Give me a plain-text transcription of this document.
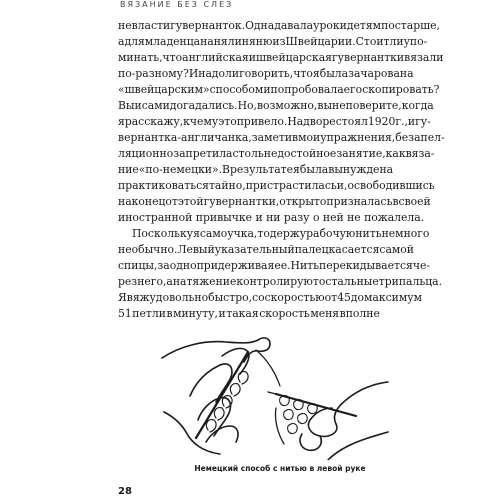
ВЯЗАНИЕ БЕЗ СЛЕЗ
не власти гувернанток. Одна давала уроки детям постарше,
а для младенца наняли няню из Швейцарии. Стоит ли упо-
минать, что английская и швейцарская гувернантки вязали
по-разному? И надо ли говорить, что я была зачарована
«швейцарским» способом и попробовала его скопировать?
Вы и сами догадались. Но, возможно, вы не поверите, когда
я расскажу, к чему это привело. На дворе стоял 1920 г., и гу-
вернантка-англичанка, заметив мои упражнения, безапел-
ляционно запретила столь недостойное занятие, как вяза-
ние «по-немецки». В результате я была вынуждена
практиковаться тайно, пристрастилась и, освободившись
наконец от этой гувернантки, открыто призналась в своей
иностранной привычке и ни разу о ней не пожалела.
Поскольку я самоучка, то держу рабочую нить немного
необычно. Левый указательный палец касается самой
спицы, заодно придерживая ее. Нить перекидывается че-
рез него, а натяжение контролируют остальные три пальца.
Я вяжу довольно быстро, со скоростью от 45 до максимум
51 петли в минуту, и такая скорость меня вполне
Немецкий способ с нитью в левой руке
28
